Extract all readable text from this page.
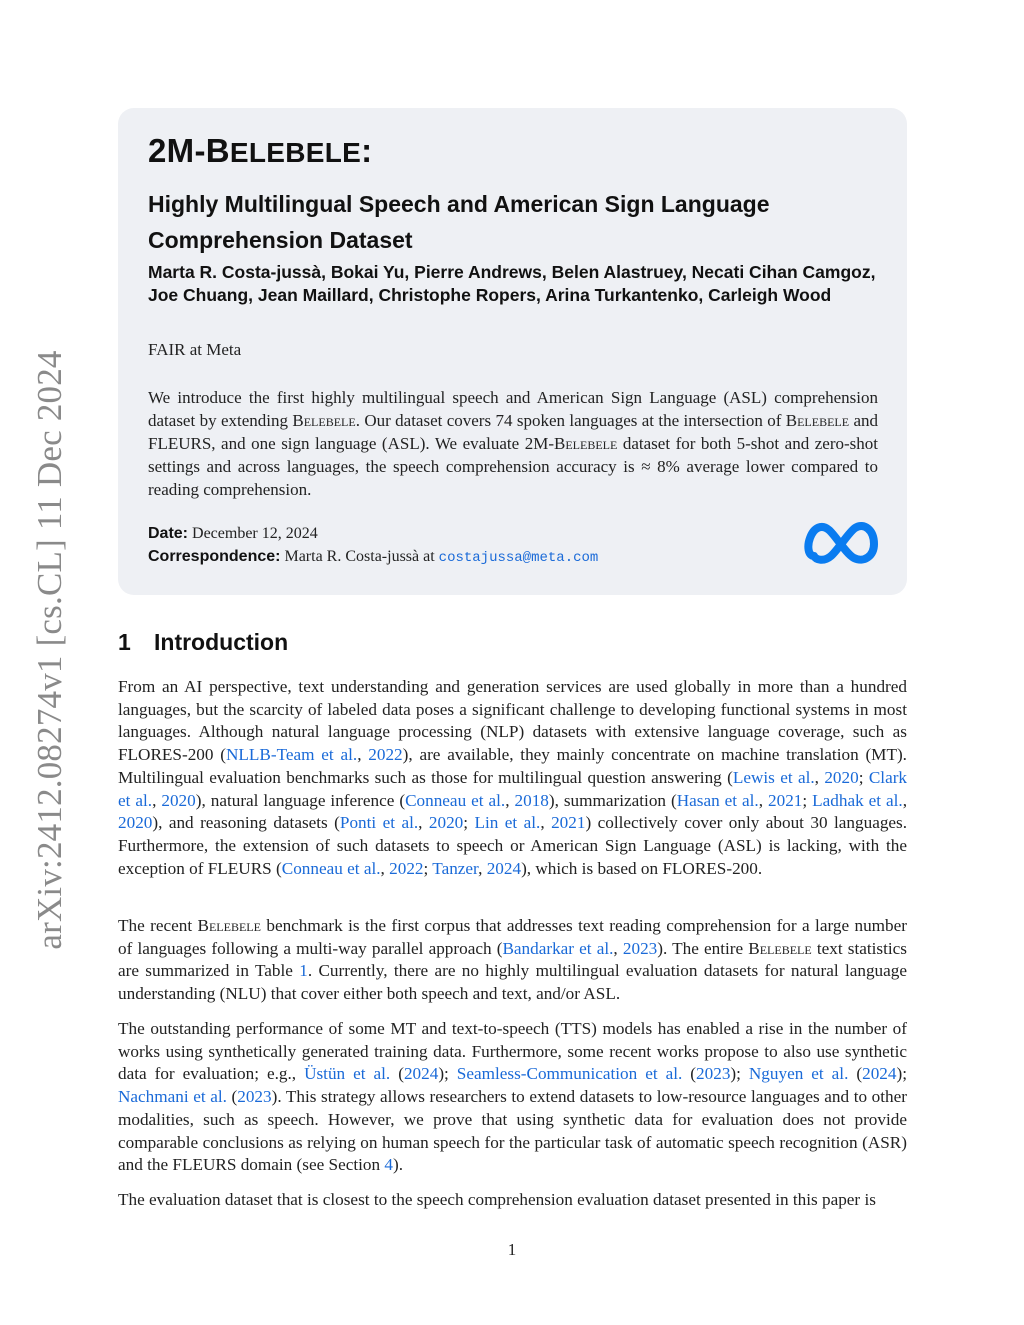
arXiv:2412.08274v1 [cs.CL] 11 Dec 2024
2M-BELEBELE:
Highly Multilingual Speech and American Sign Language Comprehension Dataset
Marta R. Costa-jussà, Bokai Yu, Pierre Andrews, Belen Alastruey, Necati Cihan Camgoz, Joe Chuang, Jean Maillard, Christophe Ropers, Arina Turkantenko, Carleigh Wood
FAIR at Meta
We introduce the first highly multilingual speech and American Sign Language (ASL) comprehension dataset by extending Belebele. Our dataset covers 74 spoken languages at the intersection of Belebele and FLEURS, and one sign language (ASL). We evaluate 2M-Belebele dataset for both 5-shot and zero-shot settings and across languages, the speech comprehension accuracy is ≈ 8% average lower compared to reading comprehension.
Date: December 12, 2024
Correspondence: Marta R. Costa-jussà at costajussa@meta.com
1 Introduction
From an AI perspective, text understanding and generation services are used globally in more than a hundred languages, but the scarcity of labeled data poses a significant challenge to developing functional systems in most languages. Although natural language processing (NLP) datasets with extensive language coverage, such as FLORES-200 (NLLB-Team et al., 2022), are available, they mainly concentrate on machine translation (MT). Multilingual evaluation benchmarks such as those for multilingual question answering (Lewis et al., 2020; Clark et al., 2020), natural language inference (Conneau et al., 2018), summarization (Hasan et al., 2021; Ladhak et al., 2020), and reasoning datasets (Ponti et al., 2020; Lin et al., 2021) collectively cover only about 30 languages. Furthermore, the extension of such datasets to speech or American Sign Language (ASL) is lacking, with the exception of FLEURS (Conneau et al., 2022; Tanzer, 2024), which is based on FLORES-200.
The recent Belebele benchmark is the first corpus that addresses text reading comprehension for a large number of languages following a multi-way parallel approach (Bandarkar et al., 2023). The entire Belebele text statistics are summarized in Table 1. Currently, there are no highly multilingual evaluation datasets for natural language understanding (NLU) that cover either both speech and text, and/or ASL.
The outstanding performance of some MT and text-to-speech (TTS) models has enabled a rise in the number of works using synthetically generated training data. Furthermore, some recent works propose to also use synthetic data for evaluation; e.g., Üstün et al. (2024); Seamless-Communication et al. (2023); Nguyen et al. (2024); Nachmani et al. (2023). This strategy allows researchers to extend datasets to low-resource languages and to other modalities, such as speech. However, we prove that using synthetic data for evaluation does not provide comparable conclusions as relying on human speech for the particular task of automatic speech recognition (ASR) and the FLEURS domain (see Section 4).
The evaluation dataset that is closest to the speech comprehension evaluation dataset presented in this paper is
1
